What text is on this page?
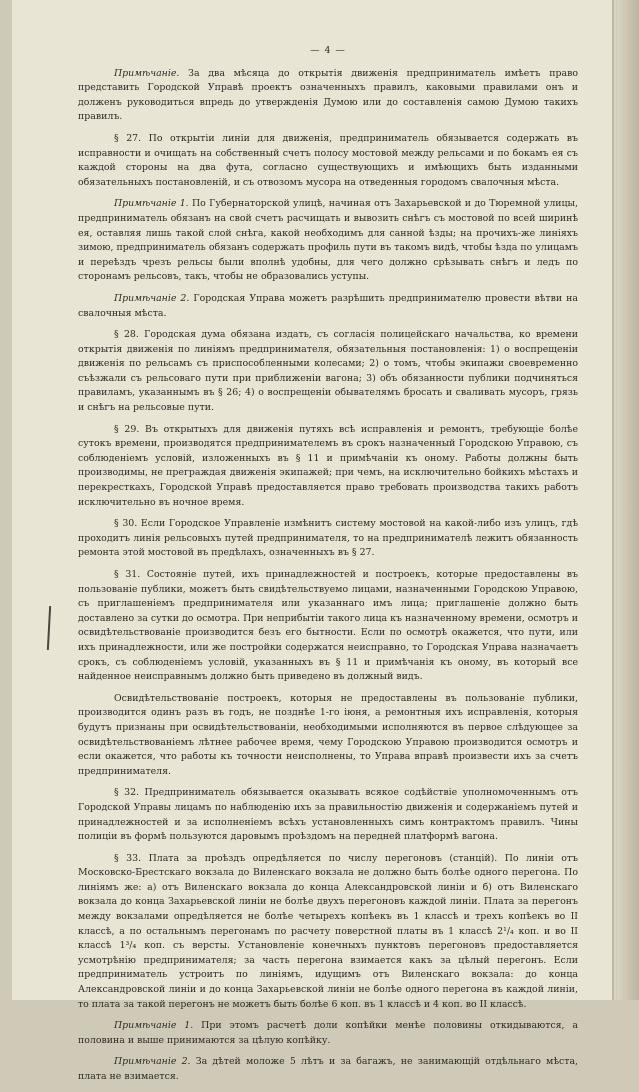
— 4 —

Примѣчаніе. За два мѣсяца до открытія движенія предприниматель имѣетъ право представить Городской Управѣ проектъ означенныхъ правилъ, каковыми правилами онъ и долженъ руководиться впредь до утвержденія Думою или до составленія самою Думою такихъ правилъ.

§ 27. По открытіи линіи для движенія, предприниматель обязывается содержать въ исправности и очищать на собственный счетъ полосу мостовой между рельсами и по бокамъ ея съ каждой стороны на два фута, согласно существующихъ и имѣющихъ быть изданными обязательныхъ постановленій, и съ отвозомъ мусора на отведенныя городомъ свалочныя мѣста.

Примѣчаніе 1. По Губернаторской улицѣ, начиная отъ Захарьевской и до Тюремной улицы, предприниматель обязанъ на свой счетъ расчищать и вывозить снѣгъ съ мостовой по всей ширинѣ ея, оставляя лишь такой слой снѣга, какой необходимъ для санной ѣзды; на прочихъ-же линіяхъ зимою, предприниматель обязанъ содержать профиль пути въ такомъ видѣ, чтобы ѣзда по улицамъ и переѣздъ чрезъ рельсы были вполнѣ удобны, для чего должно срѣзывать снѣгъ и ледъ по сторонамъ рельсовъ, такъ, чтобы не образовались уступы.

Примѣчаніе 2. Городская Управа можетъ разрѣшить предпринимателю провести вѣтви на свалочныя мѣста.

§ 28. Городская дума обязана издать, съ согласія полицейскаго начальства, ко времени открытія движенія по линіямъ предпринимателя, обязательныя постановленія: 1) о воспрещеніи движенія по рельсамъ съ приспособленными колесами; 2) о томъ, чтобы экипажи своевременно съѣзжали съ рельсоваго пути при приближеніи вагона; 3) объ обязанности публики подчиняться правиламъ, указаннымъ въ § 26; 4) о воспрещеніи обывателямъ бросать и сваливать мусоръ, грязь и снѣгъ на рельсовые пути.

§ 29. Въ открытыхъ для движенія путяхъ всѣ исправленія и ремонтъ, требующіе болѣе сутокъ времени, производятся предпринимателемъ въ срокъ назначенный Городскою Управою, съ соблюденіемъ условій, изложенныхъ въ § 11 и примѣчаніи къ оному. Работы должны быть производимы, не преграждая движенія экипажей; при чемъ, на исключительно бойкихъ мѣстахъ и перекресткахъ, Городской Управѣ предоставляется право требовать производства такихъ работъ исключительно въ ночное время.

§ 30. Если Городское Управленіе измѣнитъ систему мостовой на какой-либо изъ улицъ, гдѣ проходитъ линія рельсовыхъ путей предпринимателя, то на предпринимателѣ лежитъ обязанность ремонта этой мостовой въ предѣлахъ, означенныхъ въ § 27.

§ 31. Состояніе путей, ихъ принадлежностей и построекъ, которые предоставлены въ пользованіе публики, можетъ быть свидѣтельствуемо лицами, назначенными Городскою Управою, съ приглашеніемъ предпринимателя или указаннаго имъ лица; приглашеніе должно быть доставлено за сутки до осмотра. При неприбытіи такого лица къ назначенному времени, осмотръ и освидѣтельствованіе производится безъ его бытности. Если по осмотрѣ окажется, что пути, или ихъ принадлежности, или же постройки содержатся неисправно, то Городская Управа назначаетъ срокъ, съ соблюденіемъ условій, указанныхъ въ § 11 и примѣчанія къ оному, въ который все найденное неисправнымъ должно быть приведено въ должный видъ.

Освидѣтельствованіе построекъ, которыя не предоставлены въ пользованіе публики, производится одинъ разъ въ годъ, не позднѣе 1-го іюня, а ремонтныя ихъ исправленія, которыя будутъ признаны при освидѣтельствованіи, необходимыми исполняются въ первое слѣдующее за освидѣтельствованіемъ лѣтнее рабочее время, чему Городскою Управою производится осмотръ и если окажется, что работы къ точности неисполнены, то Управа вправѣ произвести ихъ за счетъ предпринимателя.

§ 32. Предприниматель обязывается оказывать всякое содѣйствіе уполномоченнымъ отъ Городской Управы лицамъ по наблюденію ихъ за правильностію движенія и содержаніемъ путей и принадлежностей и за исполненіемъ всѣхъ установленныхъ симъ контрактомъ правилъ. Чины полиціи въ формѣ пользуются даровымъ проѣздомъ на передней платформѣ вагона.

§ 33. Плата за проѣздъ опредѣляется по числу перегоновъ (станцій). По линіи отъ Московско-Брестскаго вокзала до Виленскаго вокзала не должно быть болѣе одного перегона. По линіямъ же: а) отъ Виленскаго вокзала до конца Александровской линіи и б) отъ Виленскаго вокзала до конца Захарьевской линіи не болѣе двухъ перегоновъ каждой линіи. Плата за перегонъ между вокзалами опредѣляется не болѣе четырехъ копѣекъ въ 1 классѣ и трехъ копѣекъ во II классѣ, а по остальнымъ перегонамъ по расчету поверстной платы въ 1 классѣ 2¹/₄ коп. и во II классѣ 1³/₄ коп. съ версты. Установленіе конечныхъ пунктовъ перегоновъ предоставляется усмотрѣнію предпринимателя; за часть перегона взимается какъ за цѣлый перегонъ. Если предприниматель устроитъ по линіямъ, идущимъ отъ Виленскаго вокзала: до конца Александровской линіи и до конца Захарьевской линіи не болѣе одного перегона въ каждой линіи, то плата за такой перегонъ не можетъ быть болѣе 6 коп. въ 1 классѣ и 4 коп. во II классѣ.

Примѣчаніе 1. При этомъ расчетѣ доли копѣйки менѣе половины откидываются, а половина и выше принимаются за цѣлую копѣйку.

Примѣчаніе 2. За дѣтей моложе 5 лѣтъ и за багажъ, не занимающій отдѣльнаго мѣста, плата не взимается.
